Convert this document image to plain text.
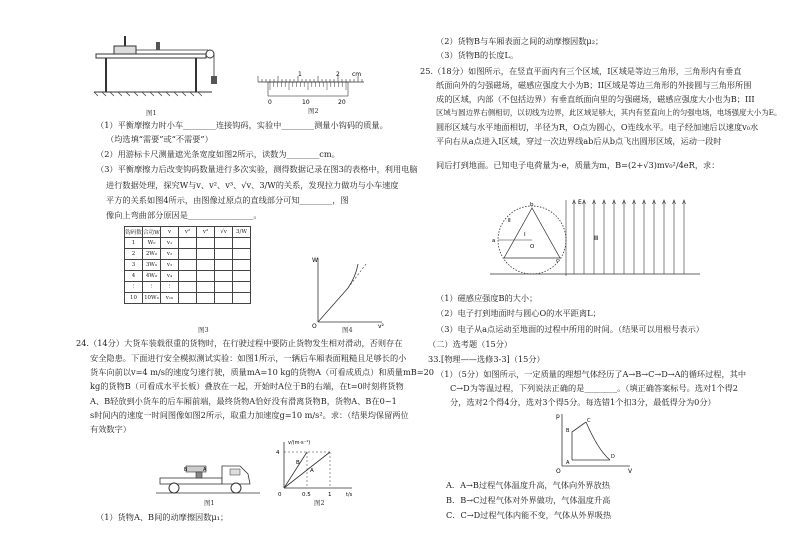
图1
1	2 cm
0	10	20
图2
（1）平衡摩擦力时小车________连接钩码，实验中________测量小钩码的质量。
（均选填“需要”或“不需要”）
（2）用游标卡尺测量遮光条宽度如图2所示，读数为________cm。
（3）平衡摩擦力后改变钩码数量进行多次实验，测得数据记录在图3的表格中，利用电脑
进行数据处理，探究W与v、v²、v³、√v、3/W的关系，发现拉力做功与小车速度
平方的关系如图4所示，由图像过原点的直线部分可知________，图
像向上弯曲部分原因是________________。
钩码数	合功W	v	v²	v³	√v	3/W
1	W₀	v₁				
2	2W₀	v₂				
3	3W₀	v₃				
4	4W₀	v₄				
⋮	⋮	⋮				
10	10W₀	v₁₀				
图3
W
v²
O	图4
24.（14分）大货车装载很重的货物时，在行驶过程中要防止货物发生相对滑动，否则存在
安全隐患。下面进行安全模拟测试实验：如图1所示，一辆后车厢表面粗糙且足够长的小
货车向前以v=4 m/s的速度匀速行驶，质量mA=10 kg的货物A（可看成质点）和质量mB=20
kg的货物B（可看成水平长板）叠放在一起，开始时A位于B的右端，在t=0时刻将货物
A、B轻放到小货车的后车厢前端，最终货物A恰好没有滑离货物B，货物A、B在0~1
s时间内的速度一时间图像如图2所示，取重力加速度g=10 m/s²。求：（结果均保留两位
有效数字）
B	A
图1
v/(m·s⁻¹)
t/s
4
0	0.5	1
A
B
图2
（1）货物A、B间的动摩擦因数μ₁；
（2）货物B与车厢表面之间的动摩擦因数μ₂；
（3）货物B的长度L。
25.（18分）如图所示，在竖直平面内有三个区域，I区域是等边三角形，三角形内有垂直
纸面向外的匀强磁场，磁感应强度大小为B；II区域是等边三角形的外接圆与三角形所围
成的区域，内部（不包括边界）有垂直纸面向里的匀强磁场，磁感应强度大小也为B；III
区域与圆边界右侧相切，以切线为边界，此区域足够大，其内有竖直向上的匀强电场，电场强度大小为E。
圆形区域与水平地面相切，半径为R，O点为圆心，O连线水平。电子经加速后以速度v₀水
平向右从a点进入I区域，穿过一次边界线ab后从b点飞出圆形区域，运动一段时
间后打到地面。已知电子电荷量为-e，质量为m，B=(2+√3)mv₀²/4eR，求：
E
b
a
O
c
Ⅰ
Ⅱ
Ⅲ
（1）磁感应强度B的大小；
（2）电子打到地面时与圆心O的水平距离L；
（3）电子从a点运动至地面的过程中所用的时间。（结果可以用根号表示）
（二）选考题（15分）
33.[物理——选修3-3]（15分）
（1）（5分）如图所示，一定质量的理想气体经历了A→B→C→D→A的循环过程，其中
C→D为等温过程，下列说法正确的是________。（填正确答案标号。选对1个得2
分，选对2个得4分，选对3个得5分。每选错1个扣3分，最低得分为0分）
p
V
O
A
B
C
D
A．A→B过程气体温度升高，气体向外界放热
B．B→C过程气体对外界做功，气体温度升高
C．C→D过程气体内能不变，气体从外界吸热
